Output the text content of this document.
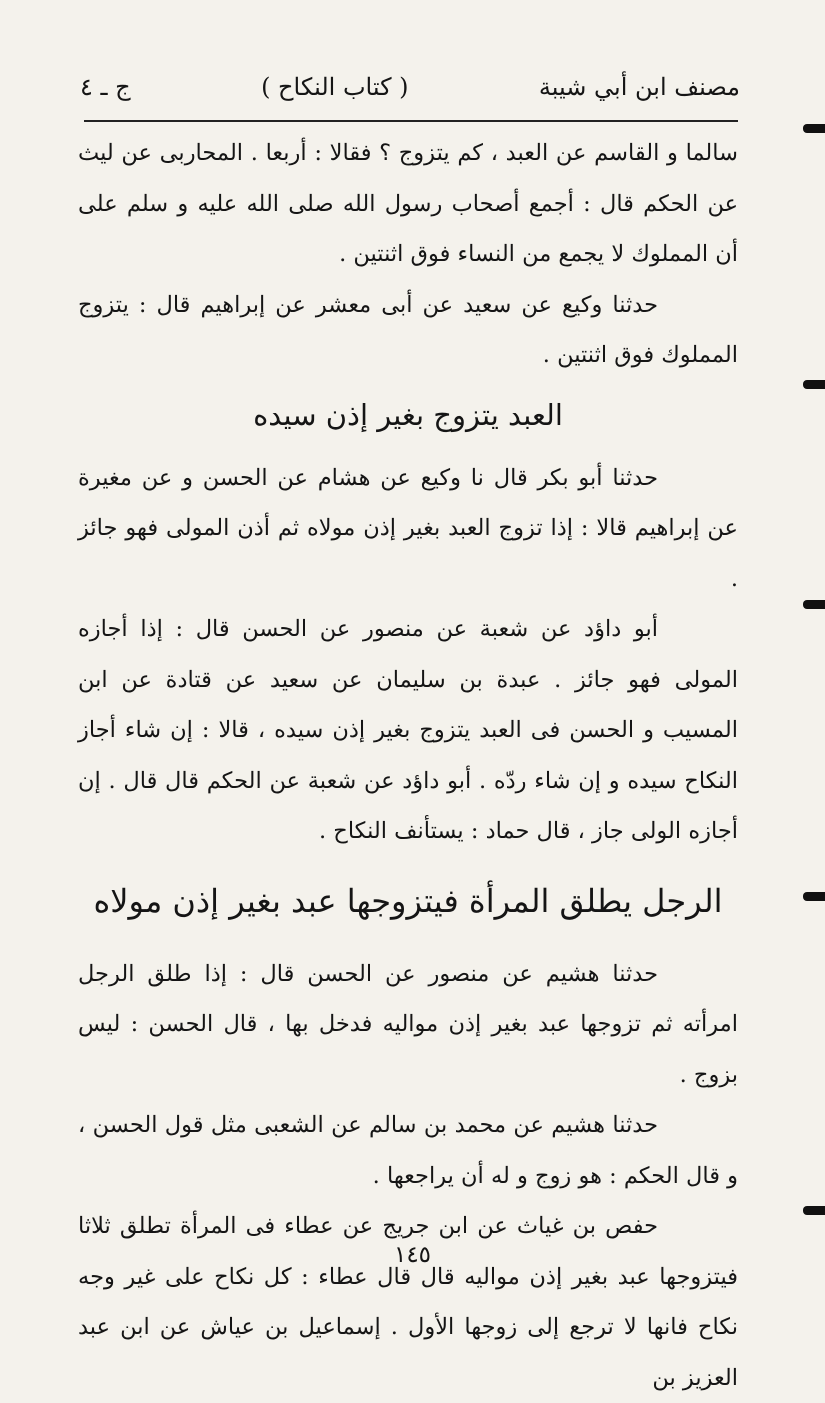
مصنف ابن أبي شيبة
( كتاب النكاح )
ج ـ ٤

سالما و القاسم عن العبد ، كم يتزوج ؟ فقالا : أربعا . المحاربى عن ليث عن الحكم قال : أجمع أصحاب رسول الله صلى الله عليه و سلم على أن المملوك لا يجمع من النساء فوق اثنتين .

حدثنا وكيع عن سعيد عن أبى معشر عن إبراهيم قال : يتزوج المملوك فوق اثنتين .

العبد يتزوج بغير إذن سيده

حدثنا أبو بكر قال نا وكيع عن هشام عن الحسن و عن مغيرة عن إبراهيم قالا : إذا تزوج العبد بغير إذن مولاه ثم أذن المولى فهو جائز .

أبو داؤد عن شعبة عن منصور عن الحسن قال : إذا أجازه المولى فهو جائز . عبدة بن سليمان عن سعيد عن قتادة عن ابن المسيب و الحسن فى العبد يتزوج بغير إذن سيده ، قالا : إن شاء أجاز النكاح سيده و إن شاء ردّه . أبو داؤد عن شعبة عن الحكم قال قال . إن أجازه الولى جاز ، قال حماد : يستأنف النكاح .

الرجل يطلق المرأة فيتزوجها عبد بغير إذن مولاه

حدثنا هشيم عن منصور عن الحسن قال : إذا طلق الرجل امرأته ثم تزوجها عبد بغير إذن مواليه فدخل بها ، قال الحسن : ليس بزوج .

حدثنا هشيم عن محمد بن سالم عن الشعبى مثل قول الحسن ، و قال الحكم : هو زوج و له أن يراجعها .

حفص بن غياث عن ابن جريج عن عطاء فى المرأة تطلق ثلاثا فيتزوجها عبد بغير إذن مواليه قال قال عطاء : كل نكاح على غير وجه نكاح فانها لا ترجع إلى زوجها الأول . إسماعيل بن عياش عن ابن عبد العزيز بن

١٤٥
